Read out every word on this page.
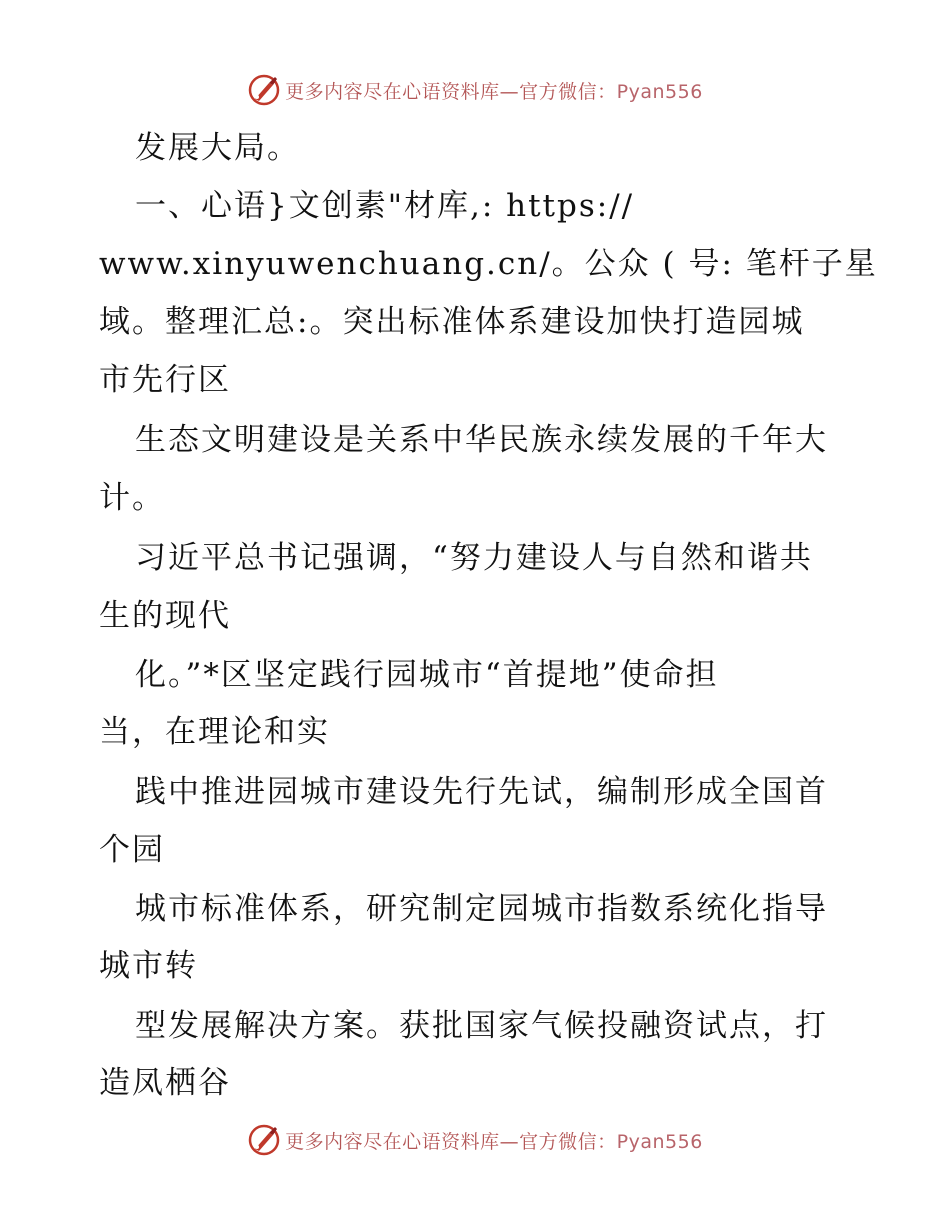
更多内容尽在心语资料库—官方微信：Pyan556
发展大局。
一、心语}文创素"材库,: https://
www.xinyuwenchuang.cn/。公众 ( 号: 笔杆子星
域。整理汇总:。突出标准体系建设加快打造园城
市先行区
生态文明建设是关系中华民族永续发展的千年大
计。
习近平总书记强调，“努力建设人与自然和谐共
生的现代
化。”*区坚定践行园城市“首提地”使命担
当，在理论和实
践中推进园城市建设先行先试，编制形成全国首
个园
城市标准体系，研究制定园城市指数系统化指导
城市转
型发展解决方案。获批国家气候投融资试点，打
造凤栖谷
更多内容尽在心语资料库—官方微信：Pyan556
